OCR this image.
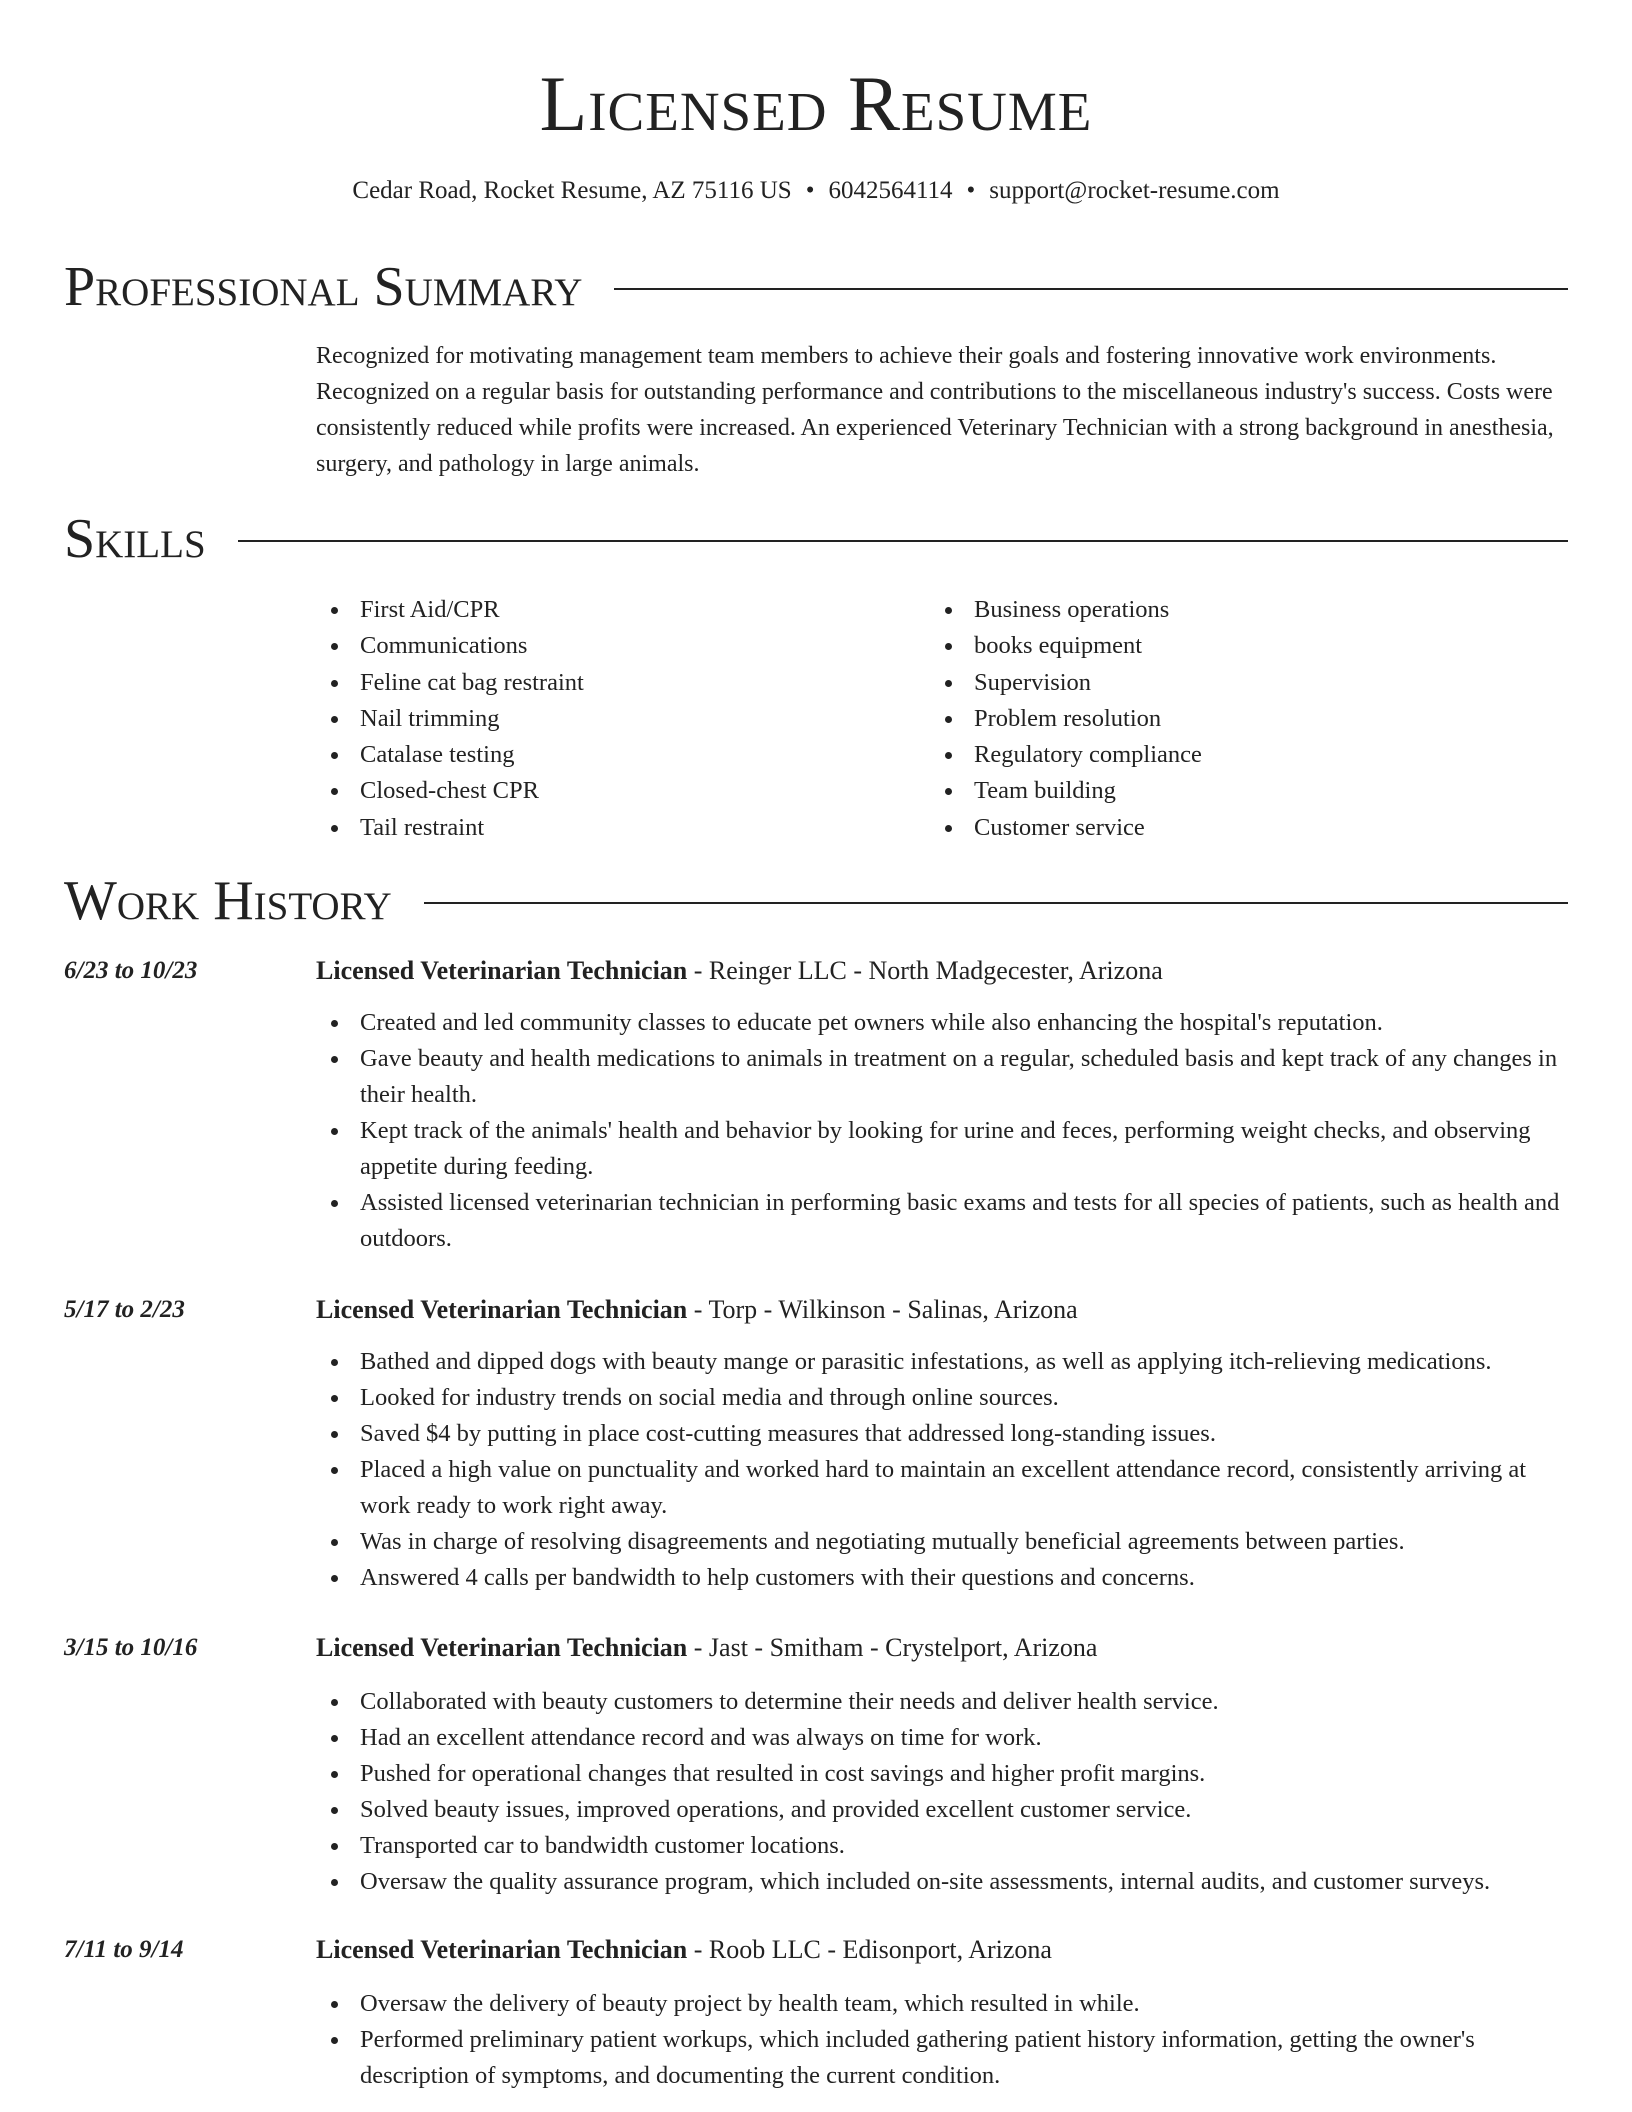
Licensed Resume
Cedar Road, Rocket Resume, AZ 75116 US • 6042564114 • support@rocket-resume.com
Professional Summary
Recognized for motivating management team members to achieve their goals and fostering innovative work environments. Recognized on a regular basis for outstanding performance and contributions to the miscellaneous industry's success. Costs were consistently reduced while profits were increased. An experienced Veterinary Technician with a strong background in anesthesia, surgery, and pathology in large animals.
Skills
First Aid/CPR
Communications
Feline cat bag restraint
Nail trimming
Catalase testing
Closed-chest CPR
Tail restraint
Business operations
books equipment
Supervision
Problem resolution
Regulatory compliance
Team building
Customer service
Work History
6/23 to 10/23	Licensed Veterinarian Technician - Reinger LLC - North Madgecester, Arizona
Created and led community classes to educate pet owners while also enhancing the hospital's reputation.
Gave beauty and health medications to animals in treatment on a regular, scheduled basis and kept track of any changes in their health.
Kept track of the animals' health and behavior by looking for urine and feces, performing weight checks, and observing appetite during feeding.
Assisted licensed veterinarian technician in performing basic exams and tests for all species of patients, such as health and outdoors.
5/17 to 2/23	Licensed Veterinarian Technician - Torp - Wilkinson - Salinas, Arizona
Bathed and dipped dogs with beauty mange or parasitic infestations, as well as applying itch-relieving medications.
Looked for industry trends on social media and through online sources.
Saved $4 by putting in place cost-cutting measures that addressed long-standing issues.
Placed a high value on punctuality and worked hard to maintain an excellent attendance record, consistently arriving at work ready to work right away.
Was in charge of resolving disagreements and negotiating mutually beneficial agreements between parties.
Answered 4 calls per bandwidth to help customers with their questions and concerns.
3/15 to 10/16	Licensed Veterinarian Technician - Jast - Smitham - Crystelport, Arizona
Collaborated with beauty customers to determine their needs and deliver health service.
Had an excellent attendance record and was always on time for work.
Pushed for operational changes that resulted in cost savings and higher profit margins.
Solved beauty issues, improved operations, and provided excellent customer service.
Transported car to bandwidth customer locations.
Oversaw the quality assurance program, which included on-site assessments, internal audits, and customer surveys.
7/11 to 9/14	Licensed Veterinarian Technician - Roob LLC - Edisonport, Arizona
Oversaw the delivery of beauty project by health team, which resulted in while.
Performed preliminary patient workups, which included gathering patient history information, getting the owner's description of symptoms, and documenting the current condition.
